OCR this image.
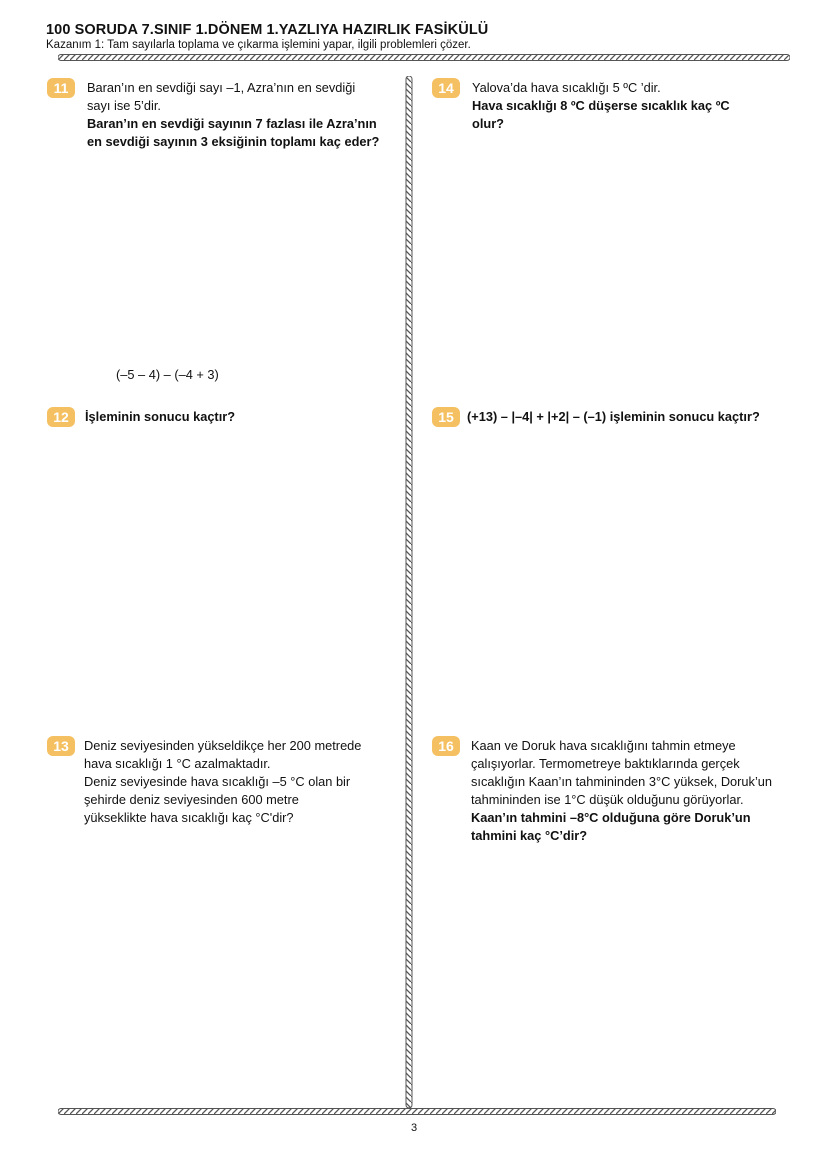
100 SORUDA 7.SINIF 1.DÖNEM 1.YAZLIYA HAZIRLIK FASİKÜLÜ
Kazanım 1: Tam sayılarla toplama ve çıkarma işlemini yapar, ilgili problemleri çözer.
11	Baran’ın en sevdiği sayı –1, Azra’nın en sevdiği

sayı ise 5’dir.

Baran’ın en sevdiği sayının 7 fazlası ile Azra’nın

en sevdiği sayının 3 eksiğinin toplamı kaç eder?

(–5 – 4) – (–4 + 3)
12	İşleminin sonucu kaçtır?

13	Deniz seviyesinden yükseldikçe her 200 metrede

hava sıcaklığı 1 °C azalmaktadır.

Deniz seviyesinde hava sıcaklığı –5 °C olan bir

şehirde deniz seviyesinden 600 metre

yükseklikte hava sıcaklığı kaç °C'dir?

14	Yalova’da hava sıcaklığı 5 ºC ’dir.

Hava sıcaklığı 8 ºC düşerse sıcaklık kaç ºC

olur?

15	(+13) – |–4| + |+2| – (–1) işleminin sonucu kaçtır?

16	Kaan ve Doruk hava sıcaklığını tahmin etmeye

çalışıyorlar. Termometreye baktıklarında gerçek

sıcaklığın Kaan’ın tahmininden 3°C yüksek, Doruk’un

tahmininden ise 1°C düşük olduğunu görüyorlar.

Kaan’ın tahmini –8°C olduğuna göre Doruk’un

tahmini kaç °C’dir?

3
